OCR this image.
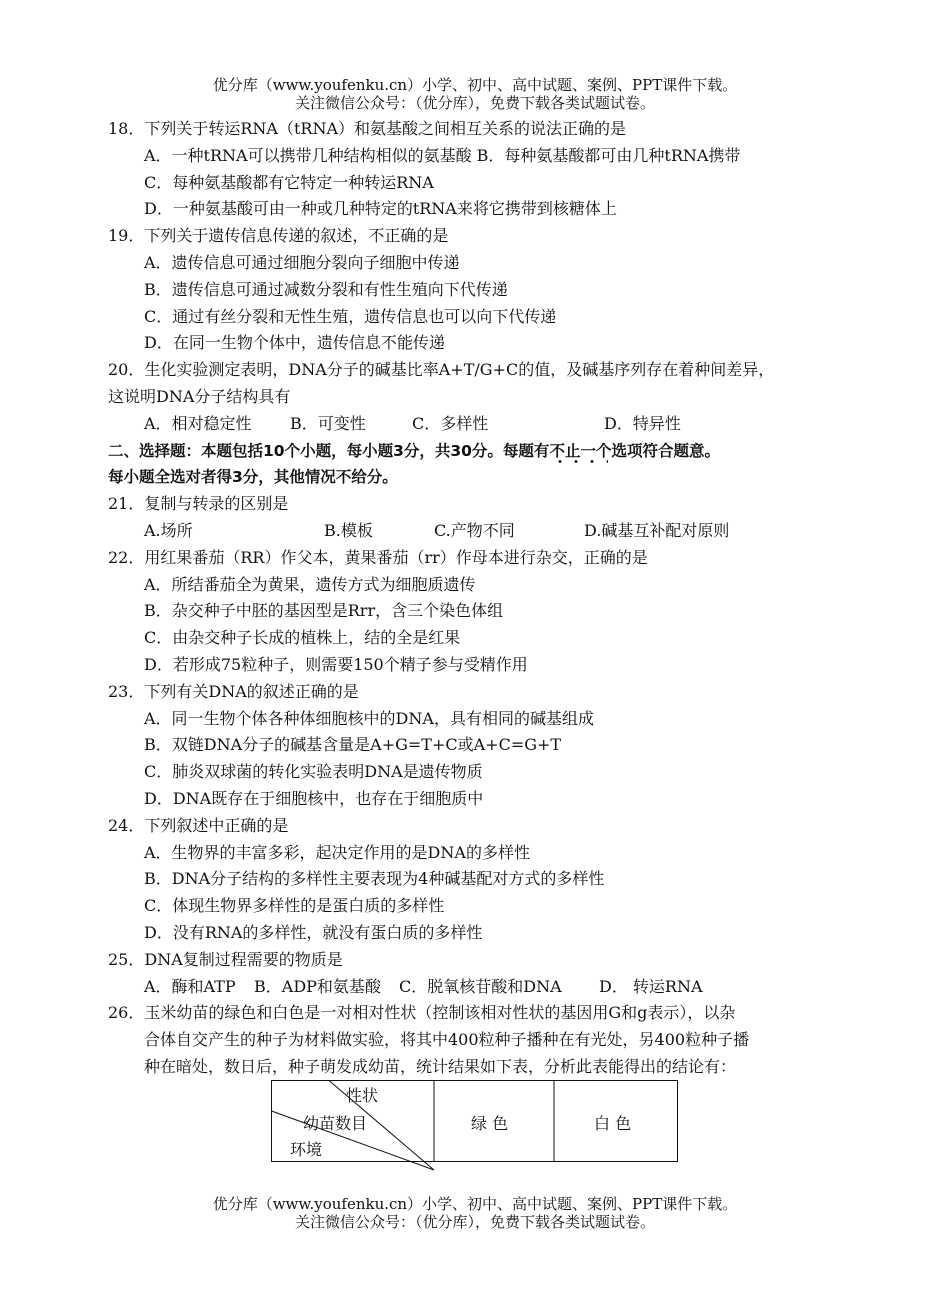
优分库（www.youfenku.cn）小学、初中、高中试题、案例、PPT课件下载。
关注微信公众号：（优分库），免费下载各类试题试卷。
18．下列关于转运RNA（tRNA）和氨基酸之间相互关系的说法正确的是
A．一种tRNA可以携带几种结构相似的氨基酸 B．每种氨基酸都可由几种tRNA携带
C．每种氨基酸都有它特定一种转运RNA
D．一种氨基酸可由一种或几种特定的tRNA来将它携带到核糖体上
19．下列关于遗传信息传递的叙述，不正确的是
A．遗传信息可通过细胞分裂向子细胞中传递
B．遗传信息可通过减数分裂和有性生殖向下代传递
C．通过有丝分裂和无性生殖，遗传信息也可以向下代传递
D．在同一生物个体中，遗传信息不能传递
20．生化实验测定表明，DNA分子的碱基比率A+T/G+C的值，及碱基序列存在着种间差异，
这说明DNA分子结构具有
A．相对稳定性 B．可变性	C．多样性	D．特异性
二、选择题：本题包括10个小题，每小题3分，共30分。每题有不止一个选项符合题意。
每小题全选对者得3分，其他情况不给分。
21．复制与转录的区别是
A.场所	B.模板	C.产物不同	D.碱基互补配对原则
22．用红果番茄（RR）作父本，黄果番茄（rr）作母本进行杂交，正确的是
A．所结番茄全为黄果，遗传方式为细胞质遗传
B．杂交种子中胚的基因型是Rrr，含三个染色体组
C．由杂交种子长成的植株上，结的全是红果
D．若形成75粒种子，则需要150个精子参与受精作用
23．下列有关DNA的叙述正确的是
A．同一生物个体各种体细胞核中的DNA，具有相同的碱基组成
B．双链DNA分子的碱基含量是A+G=T+C或A+C=G+T
C．肺炎双球菌的转化实验表明DNA是遗传物质
D．DNA既存在于细胞核中，也存在于细胞质中
24．下列叙述中正确的是
A．生物界的丰富多彩，起决定作用的是DNA的多样性
B．DNA分子结构的多样性主要表现为4种碱基配对方式的多样性
C．体现生物界多样性的是蛋白质的多样性
D．没有RNA的多样性，就没有蛋白质的多样性
25．DNA复制过程需要的物质是
A．酶和ATP B．ADP和氨基酸 C．脱氧核苷酸和DNA D． 转运RNA
26．玉米幼苗的绿色和白色是一对相对性状（控制该相对性状的基因用G和g表示），以杂
合体自交产生的种子为材料做实验，将其中400粒种子播种在有光处，另400粒种子播
种在暗处，数日后，种子萌发成幼苗，统计结果如下表，分析此表能得出的结论有：
性状
幼苗数目
环境
绿 色	白 色
优分库（www.youfenku.cn）小学、初中、高中试题、案例、PPT课件下载。
关注微信公众号：（优分库），免费下载各类试题试卷。
